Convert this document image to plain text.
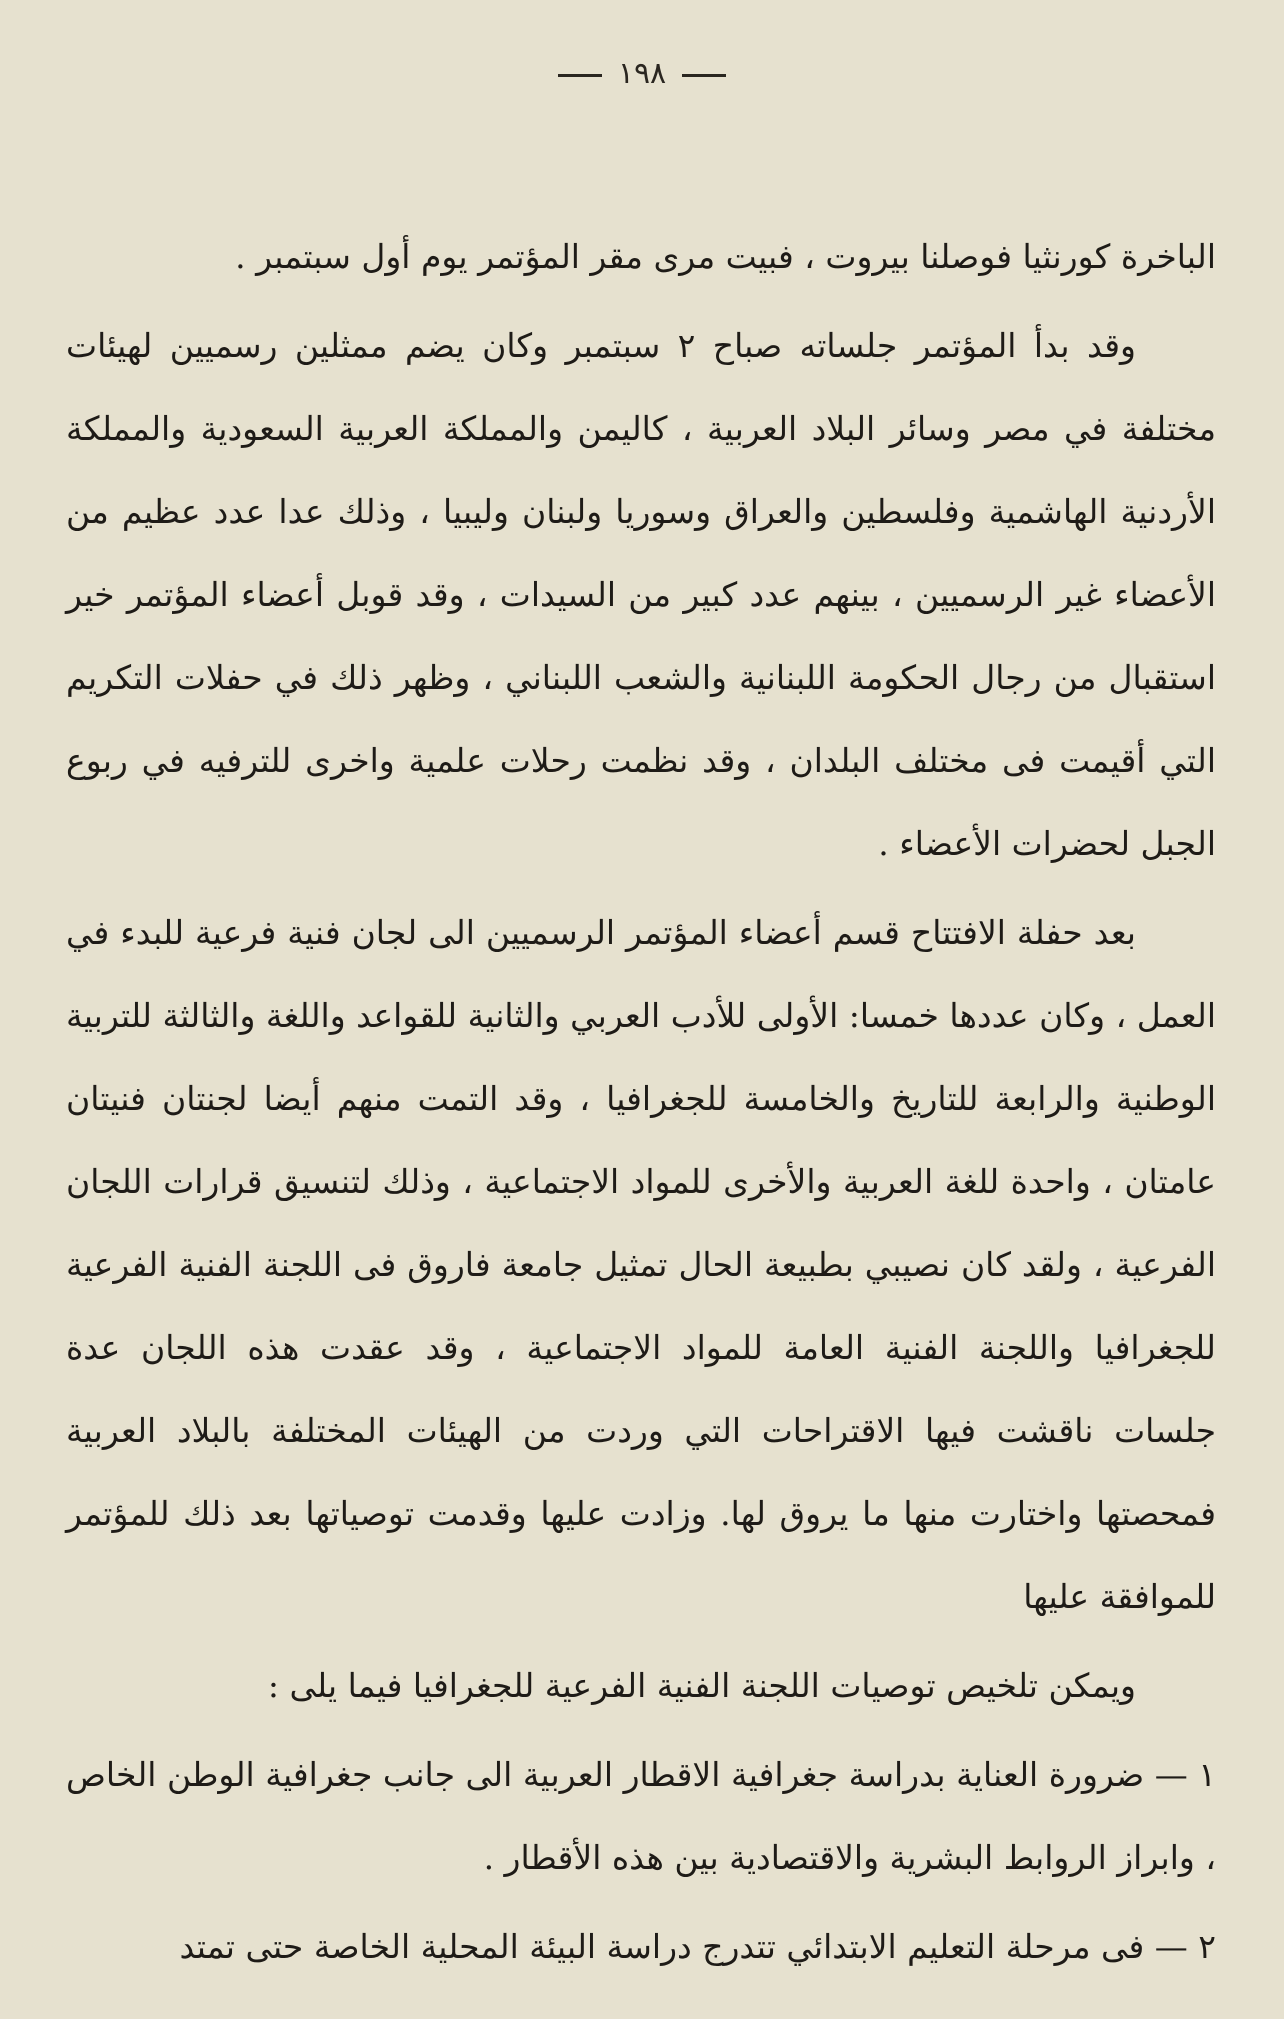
١٩٨

الباخرة كورنثيا فوصلنا بيروت ، فبيت مرى مقر المؤتمر يوم أول سبتمبر .

وقد بدأ المؤتمر جلساته صباح ٢ سبتمبر وكان يضم ممثلين رسميين لهيئات مختلفة في مصر وسائر البلاد العربية ، كاليمن والمملكة العربية السعودية والمملكة الأردنية الهاشمية وفلسطين والعراق وسوريا ولبنان وليبيا ، وذلك عدا عدد عظيم من الأعضاء غير الرسميين ، بينهم عدد كبير من السيدات ، وقد قوبل أعضاء المؤتمر خير استقبال من رجال الحكومة اللبنانية والشعب اللبناني ، وظهر ذلك في حفلات التكريم التي أقيمت فى مختلف البلدان ، وقد نظمت رحلات علمية واخرى للترفيه في ربوع الجبل لحضرات الأعضاء .

بعد حفلة الافتتاح قسم أعضاء المؤتمر الرسميين الى لجان فنية فرعية للبدء في العمل ، وكان عددها خمسا: الأولى للأدب العربي والثانية للقواعد واللغة والثالثة للتربية الوطنية والرابعة للتاريخ والخامسة للجغرافيا ، وقد التمت منهم أيضا لجنتان فنيتان عامتان ، واحدة للغة العربية والأخرى للمواد الاجتماعية ، وذلك لتنسيق قرارات اللجان الفرعية ، ولقد كان نصيبي بطبيعة الحال تمثيل جامعة فاروق فى اللجنة الفنية الفرعية للجغرافيا واللجنة الفنية العامة للمواد الاجتماعية ، وقد عقدت هذه اللجان عدة جلسات ناقشت فيها الاقتراحات التي وردت من الهيئات المختلفة بالبلاد العربية فمحصتها واختارت منها ما يروق لها. وزادت عليها وقدمت توصياتها بعد ذلك للمؤتمر للموافقة عليها

ويمكن تلخيص توصيات اللجنة الفنية الفرعية للجغرافيا فيما يلى :

١ — ضرورة العناية بدراسة جغرافية الاقطار العربية الى جانب جغرافية الوطن الخاص ، وابراز الروابط البشرية والاقتصادية بين هذه الأقطار .

٢ — فى مرحلة التعليم الابتدائي تتدرج دراسة البيئة المحلية الخاصة حتى تمتد
